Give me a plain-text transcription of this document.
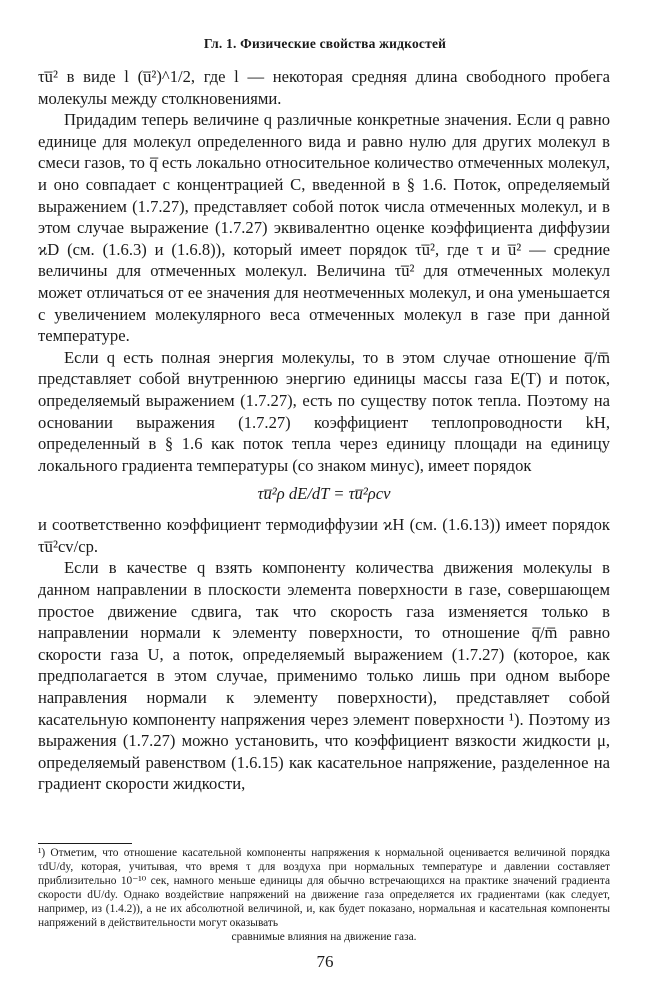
Гл. 1. Физические свойства жидкостей

τu̅² в виде l (u̅²)^1/2, где l — некоторая средняя длина свободного пробега молекулы между столкновениями.

Придадим теперь величине q различные конкретные значения. Если q равно единице для молекул определенного вида и равно нулю для других молекул в смеси газов, то q̅ есть локально относительное количество отмеченных молекул, и оно совпадает с концентрацией C, введенной в § 1.6. Поток, определяемый выражением (1.7.27), представляет собой поток числа отмеченных молекул, и в этом случае выражение (1.7.27) эквивалентно оценке коэффициента диффузии ϰD (см. (1.6.3) и (1.6.8)), который имеет порядок τu̅², где τ и u̅² — средние величины для отмеченных молекул. Величина τu̅² для отмеченных молекул может отличаться от ее значения для неотмеченных молекул, и она уменьшается с увеличением молекулярного веса отмеченных молекул в газе при данной температуре.

Если q есть полная энергия молекулы, то в этом случае отношение q̅/m̅ представляет собой внутреннюю энергию единицы массы газа E(T) и поток, определяемый выражением (1.7.27), есть по существу поток тепла. Поэтому на основании выражения (1.7.27) коэффициент теплопроводности kH, определенный в § 1.6 как поток тепла через единицу площади на единицу локального градиента температуры (со знаком минус), имеет порядок

τu̅²ρ dE/dT = τu̅²ρcv

и соответственно коэффициент термодиффузии ϰH (см. (1.6.13)) имеет порядок τu̅²cv/cp.

Если в качестве q взять компоненту количества движения молекулы в данном направлении в плоскости элемента поверхности в газе, совершающем простое движение сдвига, так что скорость газа изменяется только в направлении нормали к элементу поверхности, то отношение q̅/m̅ равно скорости газа U, а поток, определяемый выражением (1.7.27) (которое, как предполагается в этом случае, применимо только лишь при одном выборе направления нормали к элементу поверхности), представляет собой касательную компоненту напряжения через элемент поверхности ¹). Поэтому из выражения (1.7.27) можно установить, что коэффициент вязкости жидкости μ, определяемый равенством (1.6.15) как касательное напряжение, разделенное на градиент скорости жидкости,

¹) Отметим, что отношение касательной компоненты напряжения к нормальной оценивается величиной порядка τdU/dy, которая, учитывая, что время τ для воздуха при нормальных температуре и давлении составляет приблизительно 10⁻¹⁰ сек, намного меньше единицы для обычно встречающихся на практике значений градиента скорости dU/dy. Однако воздействие напряжений на движение газа определяется их градиентами (как следует, например, из (1.4.2)), а не их абсолютной величиной, и, как будет показано, нормальная и касательная компоненты напряжений в действительности могут оказывать
сравнимые влияния на движение газа.
76
